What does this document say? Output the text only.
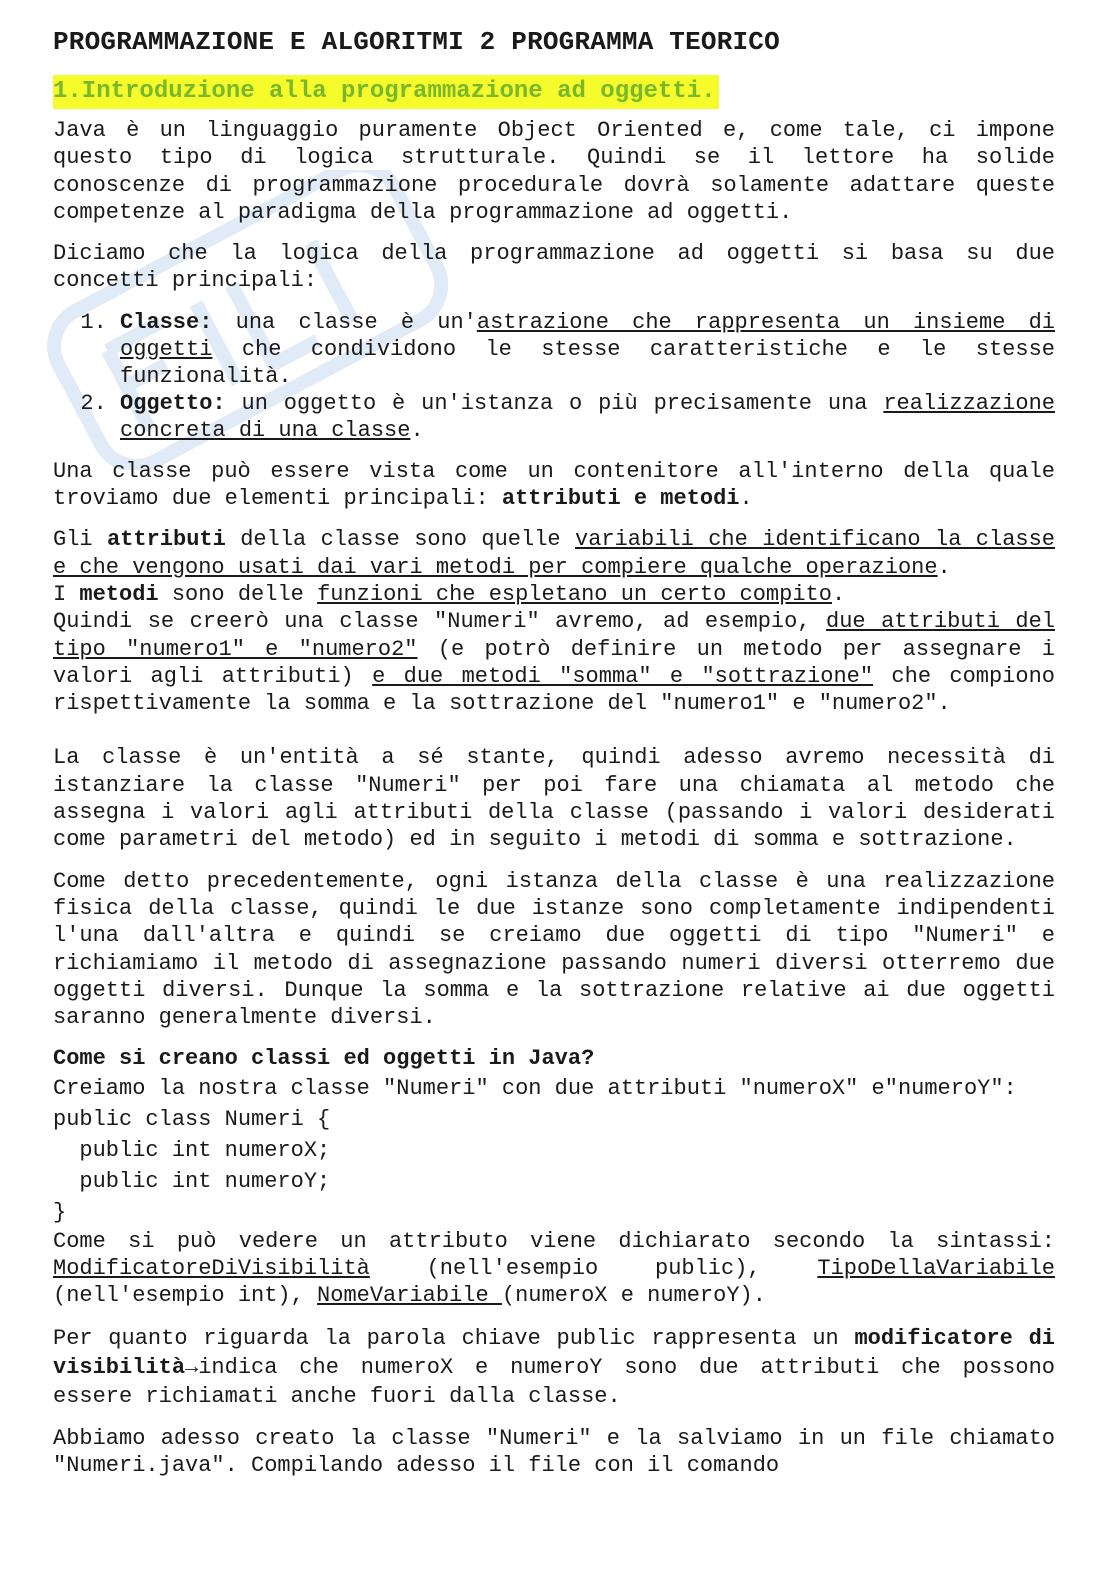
PROGRAMMAZIONE E ALGORITMI 2 PROGRAMMA TEORICO
1.Introduzione alla programmazione ad oggetti.

Java è un linguaggio puramente Object Oriented e, come tale, ci impone questo tipo di logica strutturale. Quindi se il lettore ha solide conoscenze di programmazione procedurale dovrà solamente adattare queste competenze al paradigma della programmazione ad oggetti.

Diciamo che la logica della programmazione ad oggetti si basa su due concetti principali:

1. Classe: una classe è un'astrazione che rappresenta un insieme di oggetti che condividono le stesse caratteristiche e le stesse funzionalità.
2. Oggetto: un oggetto è un'istanza o più precisamente una realizzazione concreta di una classe.

Una classe può essere vista come un contenitore all'interno della quale troviamo due elementi principali: attributi e metodi.

Gli attributi della classe sono quelle variabili che identificano la classe e che vengono usati dai vari metodi per compiere qualche operazione.

I metodi sono delle funzioni che espletano un certo compito.

Quindi se creerò una classe "Numeri" avremo, ad esempio, due attributi del tipo "numero1" e "numero2" (e potrò definire un metodo per assegnare i valori agli attributi) e due metodi "somma" e "sottrazione" che compiono rispettivamente la somma e la sottrazione del "numero1" e "numero2".

La classe è un'entità a sé stante, quindi adesso avremo necessità di istanziare la classe "Numeri" per poi fare una chiamata al metodo che assegna i valori agli attributi della classe (passando i valori desiderati come parametri del metodo) ed in seguito i metodi di somma e sottrazione.

Come detto precedentemente, ogni istanza della classe è una realizzazione fisica della classe, quindi le due istanze sono completamente indipendenti l'una dall'altra e quindi se creiamo due oggetti di tipo "Numeri" e richiamiamo il metodo di assegnazione passando numeri diversi otterremo due oggetti diversi. Dunque la somma e la sottrazione relative ai due oggetti saranno generalmente diversi.

Come si creano classi ed oggetti in Java?

Creiamo la nostra classe "Numeri" con due attributi "numeroX" e"numeroY":

public class Numeri {
public int numeroX;
public int numeroY;
}

Come si può vedere un attributo viene dichiarato secondo la sintassi: ModificatoreDiVisibilità (nell'esempio public), TipoDellaVariabile (nell'esempio int), NomeVariabile (numeroX e numeroY).

Per quanto riguarda la parola chiave public rappresenta un modificatore di visibilità→indica che numeroX e numeroY sono due attributi che possono essere richiamati anche fuori dalla classe.

Abbiamo adesso creato la classe "Numeri" e la salviamo in un file chiamato "Numeri.java". Compilando adesso il file con il comando
